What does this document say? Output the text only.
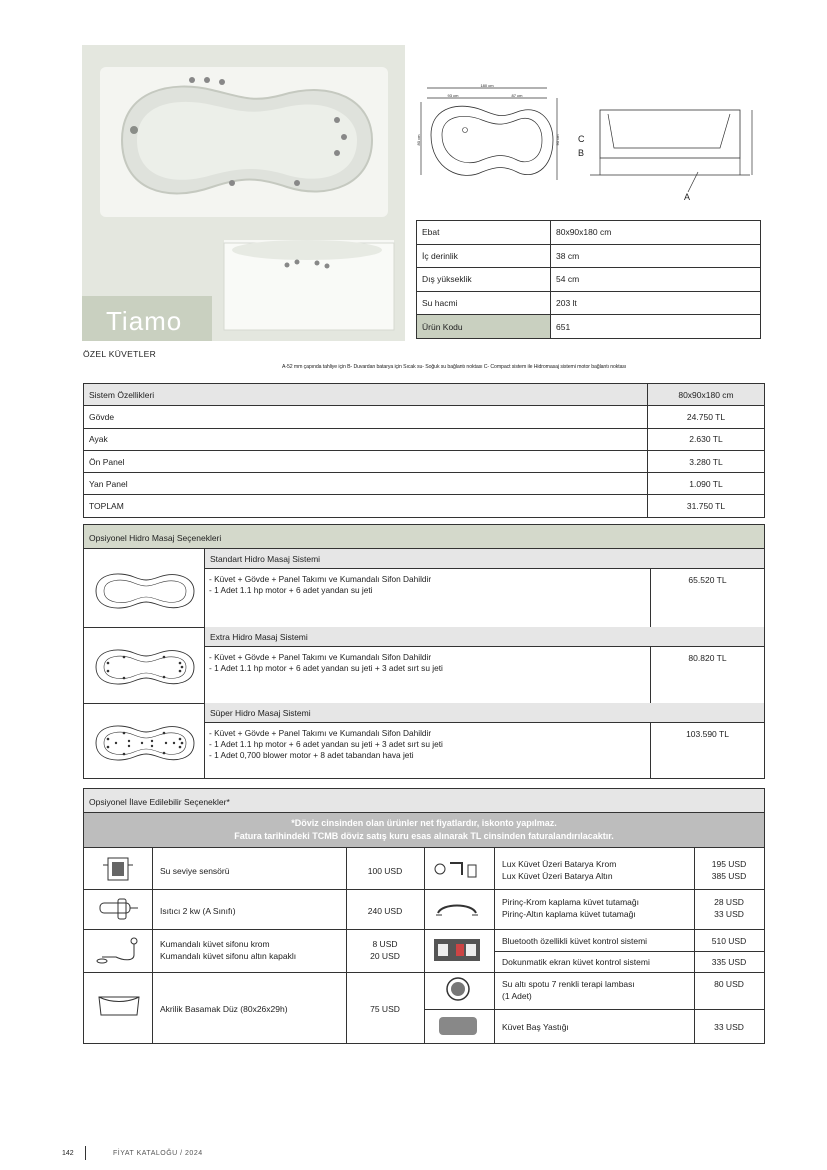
Tiamo
180 cm
93 cm	87 cm
80 cm	90 cm C
B
A
Ebat	80x90x180 cm
İç derinlik	38 cm
Dış yükseklik	54 cm
Su hacmi	203 lt
Ürün Kodu	651
ÖZEL KÜVETLER
A-52 mm çapında tahliye için B- Duvardan batarya için Sıcak su- Soğuk su bağlantı noktası C- Compact sistem ile Hidromasaj sistemi motor bağlantı noktası
Sistem Özellikleri	80x90x180 cm
Gövde	24.750 TL
Ayak	2.630 TL
Ön Panel	3.280 TL
Yan Panel	1.090 TL
TOPLAM	31.750 TL
Opsiyonel Hidro Masaj Seçenekleri
Standart Hidro Masaj Sistemi
- Küvet + Gövde + Panel Takımı ve Kumandalı Sifon Dahildir
- 1 Adet 1.1 hp motor + 6 adet yandan su jeti
65.520 TL
Extra Hidro Masaj Sistemi
- Küvet + Gövde + Panel Takımı ve Kumandalı Sifon Dahildir
- 1 Adet 1.1 hp motor + 6 adet yandan su jeti + 3 adet sırt su jeti
80.820 TL
Süper Hidro Masaj Sistemi
- Küvet + Gövde + Panel Takımı ve Kumandalı Sifon Dahildir
- 1 Adet 1.1 hp motor + 6 adet yandan su jeti + 3 adet sırt su jeti
- 1 Adet 0,700 blower motor + 8 adet tabandan hava jeti
103.590 TL
Opsiyonel İlave Edilebilir Seçenekler*
*Döviz cinsinden olan ürünler net fiyatlardır, iskonto yapılmaz.
Fatura tarihindeki TCMB döviz satış kuru esas alınarak TL cinsinden faturalandırılacaktır.
Su seviye sensörü	100 USD
Isıtıcı 2 kw (A Sınıfı)	240 USD
Kumandalı küvet sifonu krom
Kumandalı küvet sifonu altın kapaklı
8 USD
20 USD
Akrilik Basamak Düz (80x26x29h)	75 USD
Lux Küvet Üzeri Batarya Krom
Lux Küvet Üzeri Batarya Altın
195 USD
385 USD
Pirinç-Krom kaplama küvet tutamağı
Pirinç-Altın kaplama küvet tutamağı
28 USD
33 USD
Bluetooth özellikli küvet kontrol sistemi	510 USD
Dokunmatik ekran küvet kontrol sistemi	335 USD
Su altı spotu 7 renkli terapi lambası
(1 Adet)
80 USD
Küvet Baş Yastığı	33 USD
142	FİYAT KATALOĞU / 2024
